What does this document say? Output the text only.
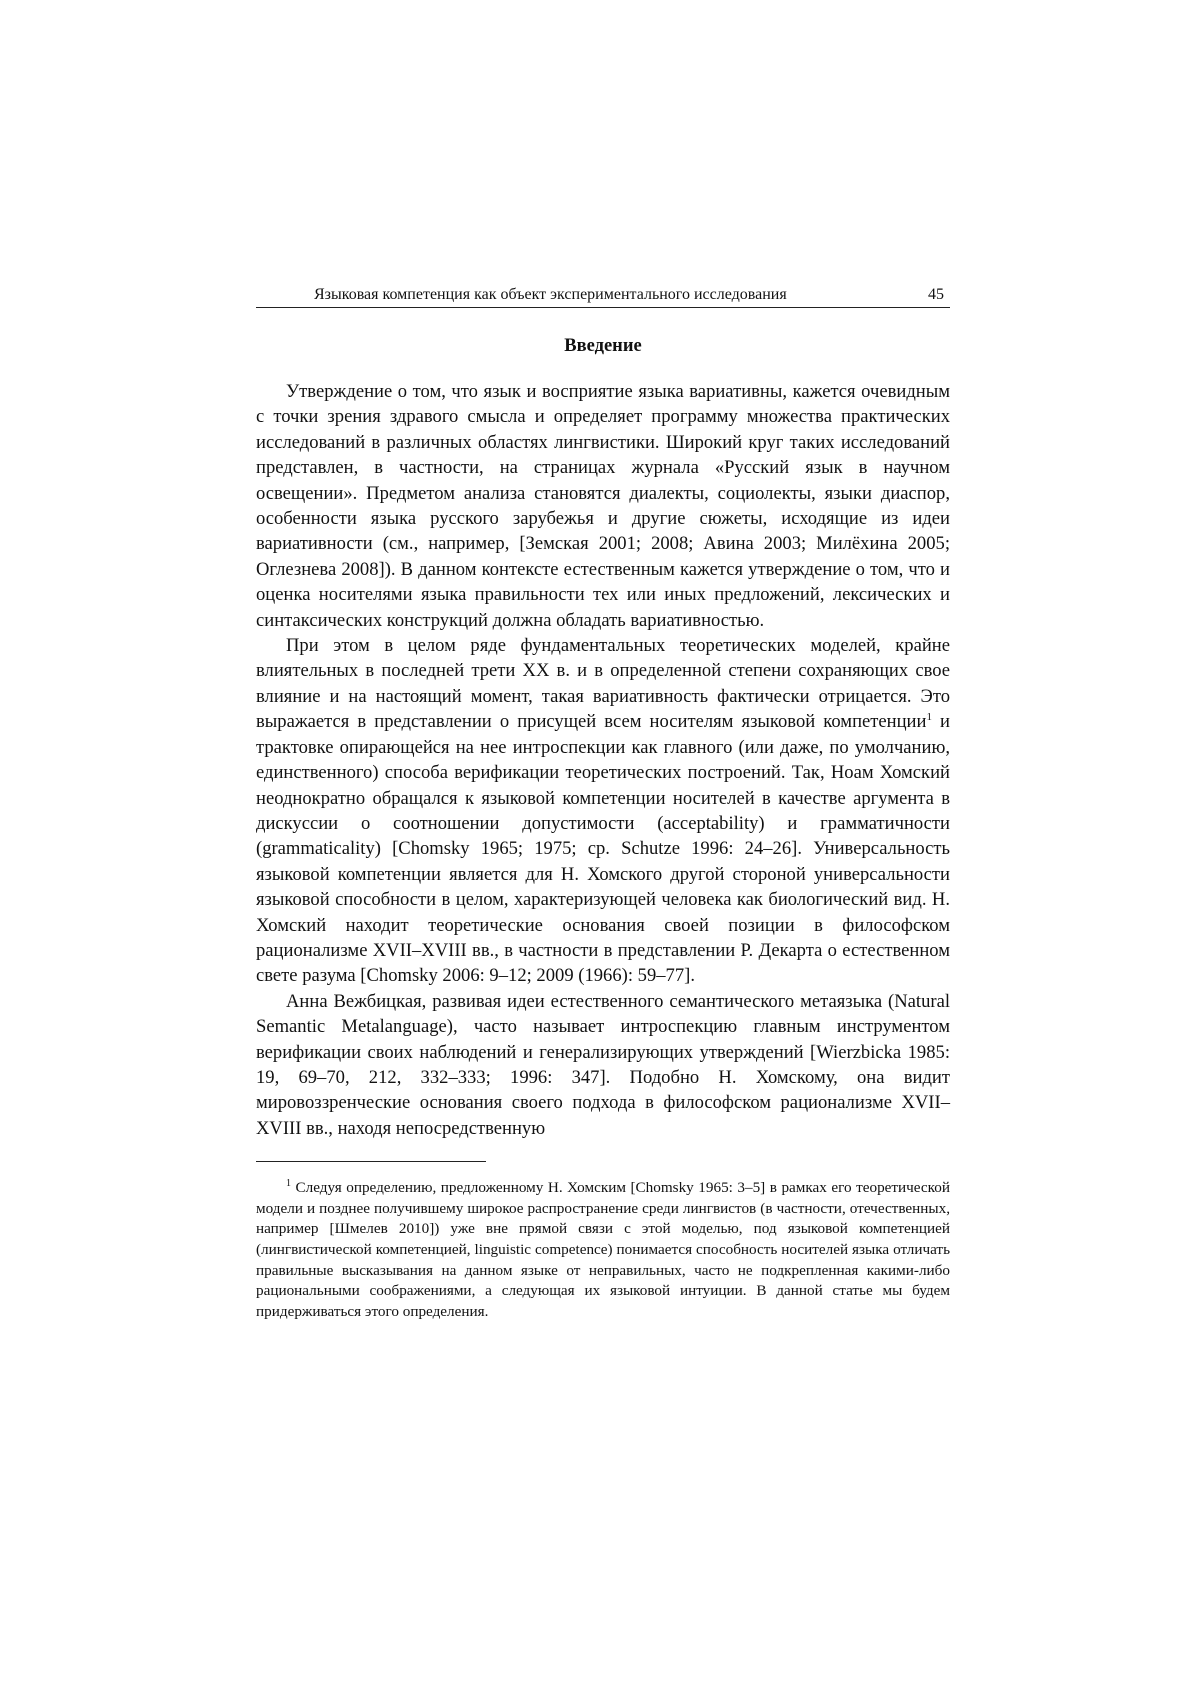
Языковая компетенция как объект экспериментального исследования	45
Введение

Утверждение о том, что язык и восприятие языка вариативны, кажется очевидным с точки зрения здравого смысла и определяет программу множества практических исследований в различных областях лингвистики. Широкий круг таких исследований представлен, в частности, на страницах журнала «Русский язык в научном освещении». Предметом анализа становятся диалекты, социолекты, языки диаспор, особенности языка русского зарубежья и другие сюжеты, исходящие из идеи вариативности (см., например, [Земская 2001; 2008; Авина 2003; Милёхина 2005; Оглезнева 2008]). В данном контексте естественным кажется утверждение о том, что и оценка носителями языка правильности тех или иных предложений, лексических и синтаксических конструкций должна обладать вариативностью.

При этом в целом ряде фундаментальных теоретических моделей, крайне влиятельных в последней трети XX в. и в определенной степени сохраняющих свое влияние и на настоящий момент, такая вариативность фактически отрицается. Это выражается в представлении о присущей всем носителям языковой компетенции$^1$ и трактовке опирающейся на нее интроспекции как главного (или даже, по умолчанию, единственного) способа верификации теоретических построений. Так, Ноам Хомский неоднократно обращался к языковой компетенции носителей в качестве аргумента в дискуссии о соотношении допустимости (acceptability) и грамматичности (grammaticality) [Chomsky 1965; 1975; ср. Schutze 1996: 24–26]. Универсальность языковой компетенции является для Н. Хомского другой стороной универсальности языковой способности в целом, характеризующей человека как биологический вид. Н. Хомский находит теоретические основания своей позиции в философском рационализме XVII–XVIII вв., в частности в представлении Р. Декарта о естественном свете разума [Chomsky 2006: 9–12; 2009 (1966): 59–77].

Анна Вежбицкая, развивая идеи естественного семантического метаязыка (Natural Semantic Metalanguage), часто называет интроспекцию главным инструментом верификации своих наблюдений и генерализирующих утверждений [Wierzbicka 1985: 19, 69–70, 212, 332–333; 1996: 347]. Подобно Н. Хомскому, она видит мировоззренческие основания своего подхода в философском рационализме XVII–XVIII вв., находя непосредственную

$^1$ Следуя определению, предложенному Н. Хомским [Chomsky 1965: 3–5] в рамках его теоретической модели и позднее получившему широкое распространение среди лингвистов (в частности, отечественных, например [Шмелев 2010]) уже вне прямой связи с этой моделью, под языковой компетенцией (лингвистической компетенцией, linguistic competence) понимается способность носителей языка отличать правильные высказывания на данном языке от неправильных, часто не подкрепленная какими-либо рациональными соображениями, а следующая их языковой интуиции. В данной статье мы будем придерживаться этого определения.
